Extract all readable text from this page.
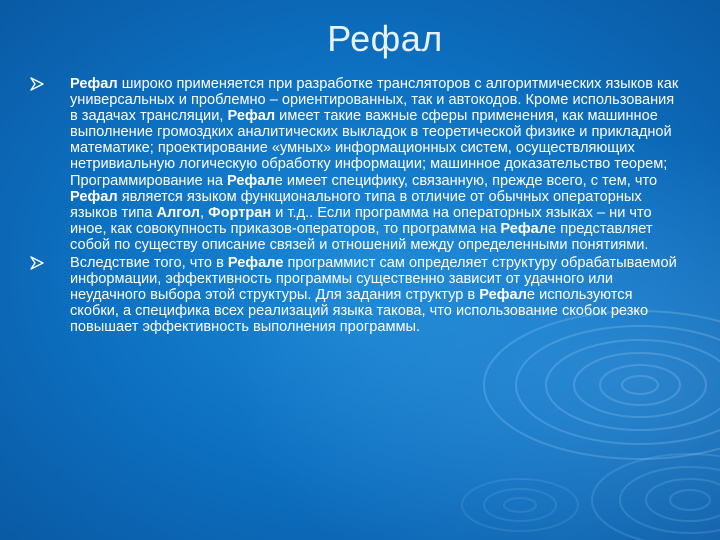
Рефал
Рефал широко применяется при разработке трансляторов с алгоритмических языков как универсальных и проблемно – ориентированных, так и автокодов. Кроме использования в задачах трансляции, Рефал имеет такие важные сферы применения, как машинное выполнение громоздких аналитических выкладок в теоретической физике и прикладной математике; проектирование «умных» информационных систем, осуществляющих нетривиальную логическую обработку информации; машинное доказательство теорем; Программирование на Рефале имеет специфику, связанную, прежде всего, с тем, что Рефал является языком функционального типа в отличие от обычных операторных языков типа Алгол, Фортран и т.д.. Если программа на операторных языках – ни что иное, как совокупность приказов-операторов, то программа на Рефале представляет собой по существу описание связей и отношений между определенными понятиями.
Вследствие того, что в Рефале программист сам определяет структуру обрабатываемой информации, эффективность программы существенно зависит от удачного или неудачного выбора этой структуры. Для задания структур в Рефале используются скобки, а специфика всех реализаций языка такова, что использование скобок резко повышает эффективность выполнения программы.
